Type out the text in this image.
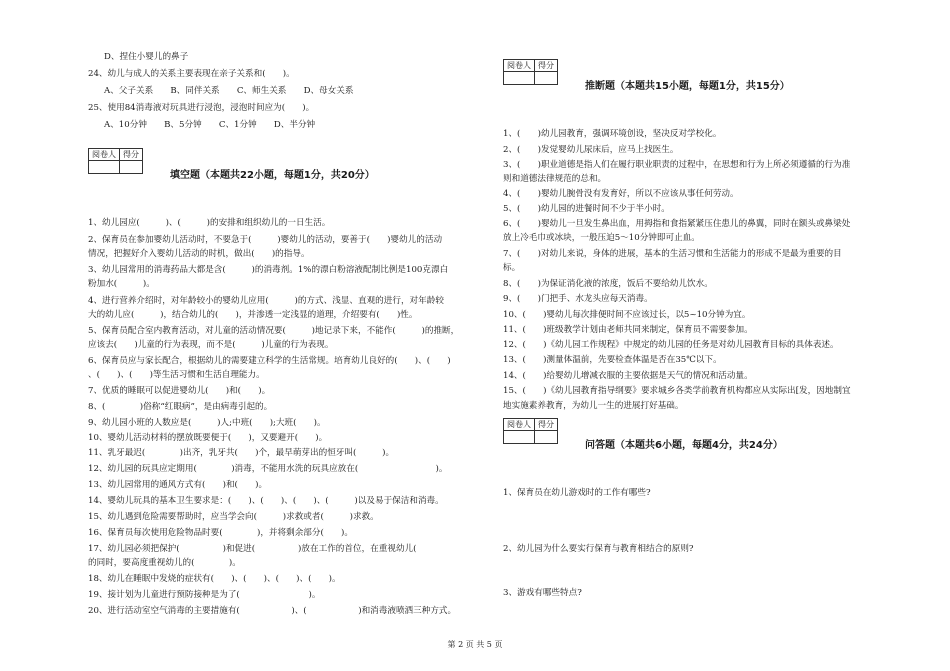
D、捏住小婴儿的鼻子
24、幼儿与成人的关系主要表现在亲子关系和(　　)。
A、父子关系　　B、同伴关系　　C、师生关系　　D、母女关系
25、使用84消毒液对玩具进行浸泡，浸泡时间应为(　　)。
A、10分钟　　B、5分钟　　C、1分钟　　D、半分钟
阅卷人	得分

填空题（本题共22小题，每题1分，共20分）
1、幼儿园应(　　　)、(　　　)的安排和组织幼儿的一日生活。
2、保育员在参加婴幼儿活动时，不要急于(　　　)婴幼儿的活动，要善于(　　)婴幼儿的活动
情况，把握好介入婴幼儿活动的时机，做出(　　)的指导。
3、幼儿园常用的消毒药品大都是含(　　　)的消毒剂。1%的漂白粉溶液配制比例是100克漂白
粉加水(　　　)。
4、进行营养介绍时，对年龄较小的婴幼儿应用(　　　)的方式、浅显、直观的进行，对年龄较
大的幼儿应(　　　)，结合幼儿的(　　)，并渗透一定浅显的道理，介绍要有(　　)性。
5、保育员配合室内教育活动，对儿童的活动情况要(　　　)地记录下来，不能作(　　　)的推断，
应该去(　　)儿童的行为表现，而不是(　　　)儿童的行为表现。
6、保育员应与家长配合，根据幼儿的需要建立科学的生活常规。培育幼儿良好的(　　)、(　　)
、(　　)、(　　)等生活习惯和生活自理能力。
7、优质的睡眠可以促进婴幼儿(　　)和(　　)。
8、(　　　　)俗称“红眼病”，是由病毒引起的。
9、幼儿园小班的人数应是(　　　)人;中班(　　);大班(　　)。
10、婴幼儿活动材料的摆放既要便于(　　)，又要避开(　　)。
11、乳牙最迟(　　　　)出齐，乳牙共(　　)个，最早萌芽出的恒牙叫(　　　)。
12、幼儿园的玩具应定期用(　　　　)消毒，不能用水洗的玩具应放在(　　　　　　　　　)。
13、幼儿园常用的通风方式有(　　)和(　　)。
14、婴幼儿玩具的基本卫生要求是：(　　)、(　　)、(　　)、(　　　)以及易于保洁和消毒。
15、幼儿遇到危险需要帮助时，应当学会向(　　　)求救或者(　　　)求救。
16、保育员每次使用危险物品时要(　　　　)，并将剩余部分(　　)。
17、幼儿园必须把保护(　　　　　)和促进(　　　　　)放在工作的首位，在重视幼儿(
的同时，要高度重视幼儿的(　　　　)。
18、幼儿在睡眠中发烧的症状有(　　)、(　　)、(　　)、(　　)。
19、接计划为儿童进行预防接种是为了(　　　　　　　　)。
20、进行活动室空气消毒的主要措施有(　　　　　　)、(　　　　　　)和消毒液喷洒三种方式。
阅卷人	得分

推断题（本题共15小题，每题1分，共15分）
1、(　　)幼儿园教育，强调环境创设，坚决反对学校化。
2、(　　)发觉婴幼儿尿床后，应马上找医生。
3、(　　)职业道德是指人们在履行职业职责的过程中，在思想和行为上所必须遵循的行为准
则和道德法律规范的总和。
4、(　　)婴幼儿腕骨没有发育好，所以不应该从事任何劳动。
5、(　　)幼儿园的进餐时间不少于半小时。
6、(　　)婴幼儿一旦发生鼻出血，用拇指和食指紧紧压住患儿的鼻翼，同时在额头或鼻梁处
放上冷毛巾或冰块，一般压迫5～10分钟即可止血。
7、(　　)对幼儿来说，身体的进展，基本的生活习惯和生活能力的形成不是最为重要的目
标。
8、(　　)为保证消化液的浓度，饭后不要给幼儿饮水。
9、(　　)门把手、水龙头应每天消毒。
10、(　　)婴幼儿每次排便时间不应该过长，以5~10分钟为宜。
11、(　　)班级教学计划由老师共同来制定，保育员不需要参加。
12、(　　)《幼儿园工作规程》中规定的幼儿园的任务是对幼儿园教育目标的具体表述。
13、(　　)测量体温前，先要检查体温是否在35℃以下。
14、(　　)给婴幼儿增减衣服的主要依据是天气的情况和活动量。
15、(　　)《幼儿园教育指导纲要》要求城乡各类学前教育机构都应从实际出[发，因地制宜
地实施素养教育，为幼儿一生的进展打好基础。
阅卷人	得分

问答题（本题共6小题，每题4分，共24分）
1、保育员在幼儿游戏时的工作有哪些?
2、幼儿园为什么要实行保育与教育相结合的原则?
3、游戏有哪些特点?
第 2 页 共 5 页
